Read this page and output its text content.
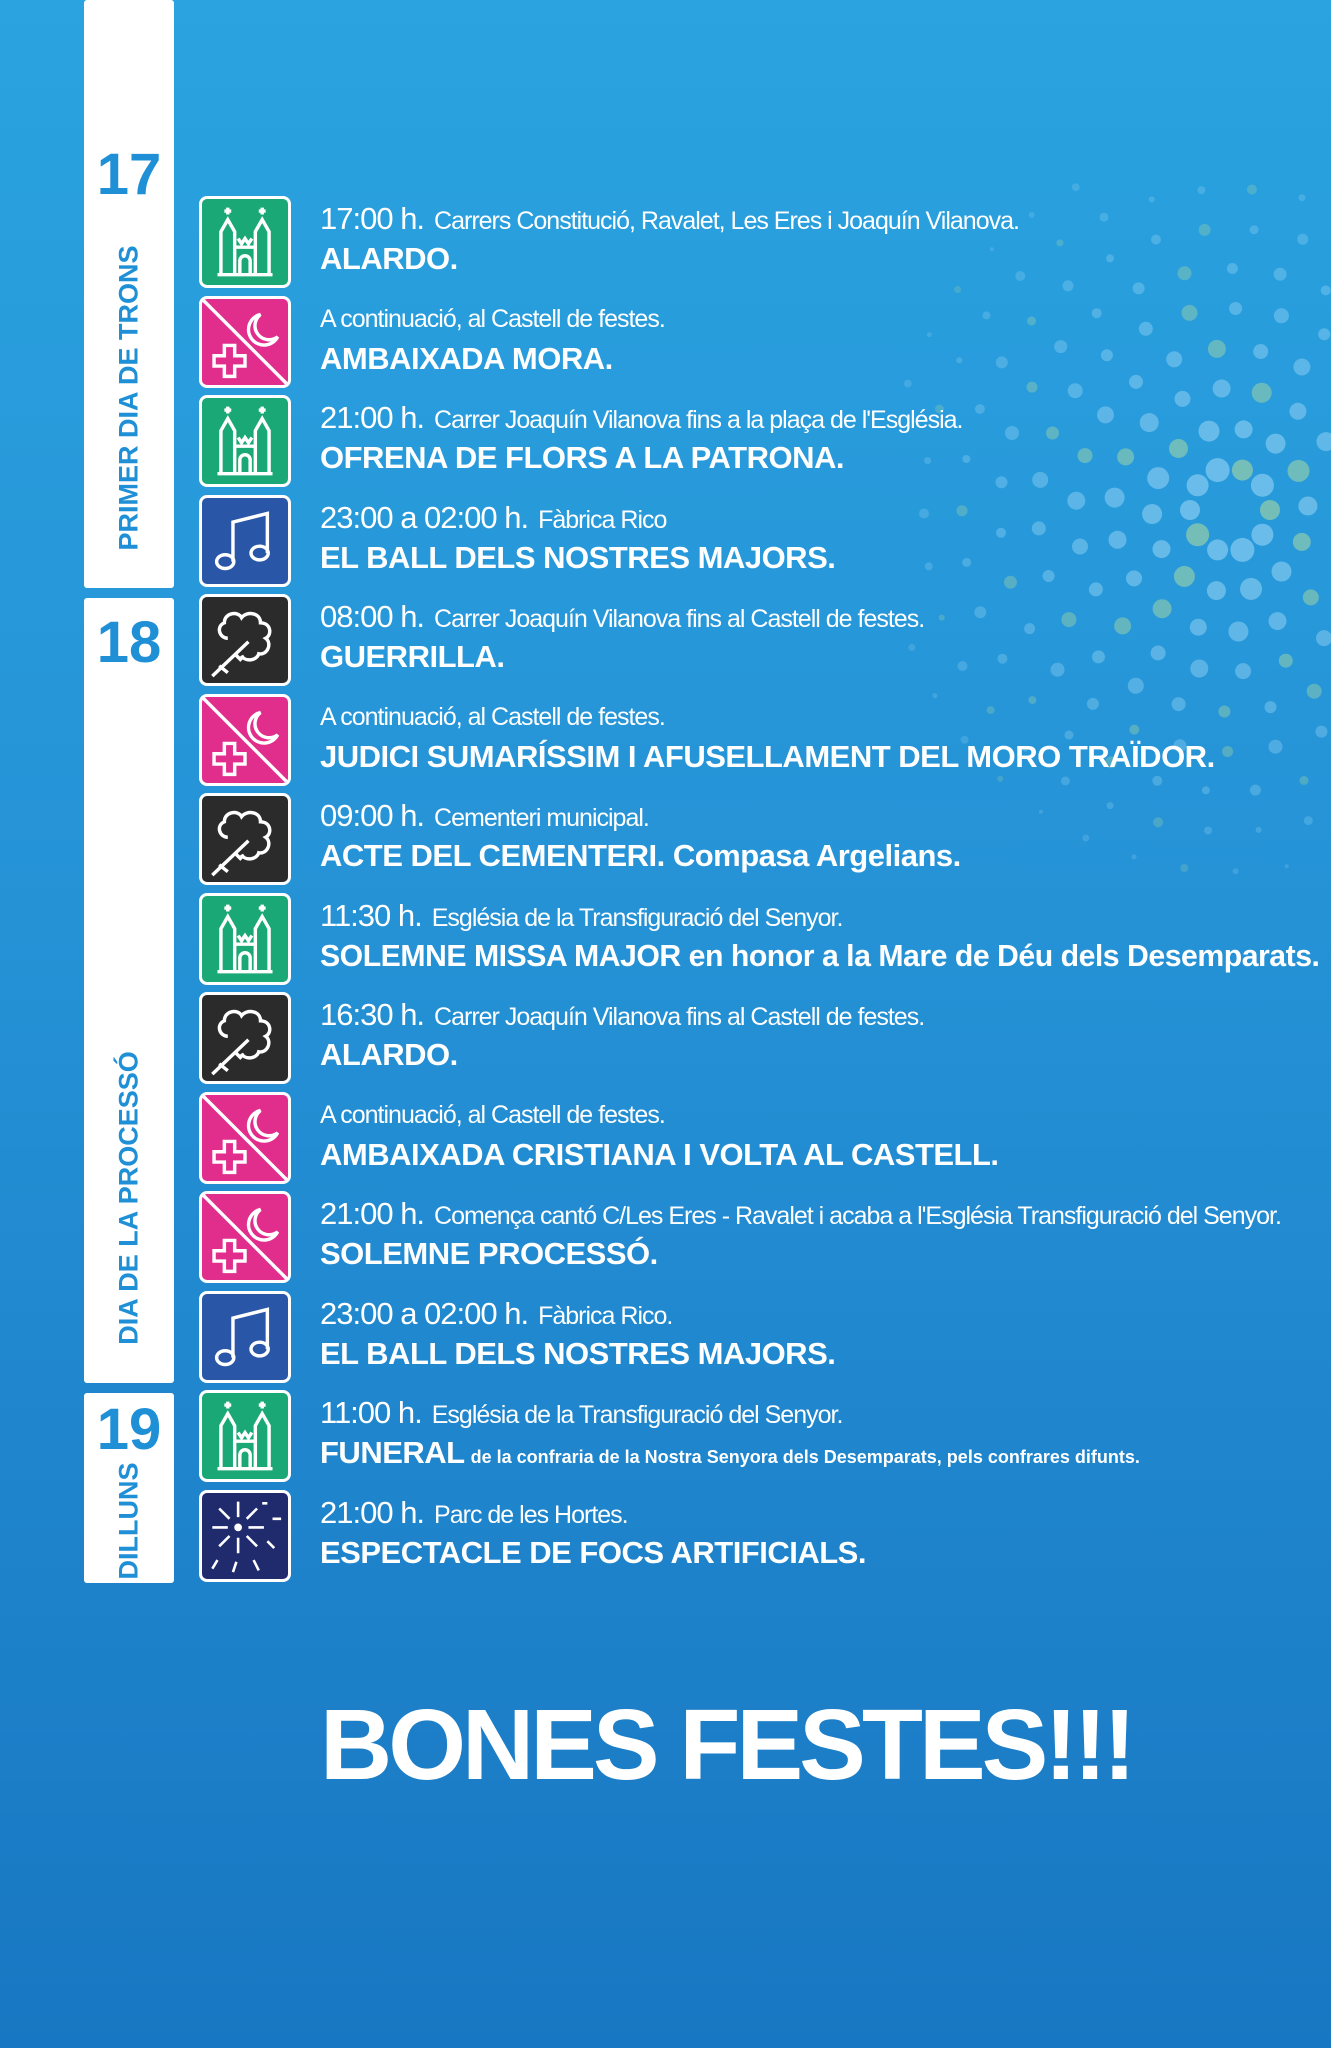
17
PRIMER DIA DE TRONS
18
DIA DE LA PROCESSÓ
19
DILLUNS
17:00 h. Carrers Constitució, Ravalet, Les Eres i Joaquín Vilanova.
ALARDO.
A continuació, al Castell de festes.
AMBAIXADA MORA.
21:00 h. Carrer Joaquín Vilanova fins a la plaça de l'Església.
OFRENA DE FLORS A LA PATRONA.
23:00 a 02:00 h. Fàbrica Rico
EL BALL DELS NOSTRES MAJORS.
08:00 h. Carrer Joaquín Vilanova fins al Castell de festes.
GUERRILLA.
A continuació, al Castell de festes.
JUDICI SUMARÍSSIM I AFUSELLAMENT DEL MORO TRAÏDOR.
09:00 h. Cementeri municipal.
ACTE DEL CEMENTERI. Compasa Argelians.
11:30 h. Església de la Transfiguració del Senyor.
SOLEMNE MISSA MAJOR en honor a la Mare de Déu dels Desemparats.
16:30 h. Carrer Joaquín Vilanova fins al Castell de festes.
ALARDO.
A continuació, al Castell de festes.
AMBAIXADA CRISTIANA I VOLTA AL CASTELL.
21:00 h. Comença cantó C/Les Eres - Ravalet i acaba a l'Església Transfiguració del Senyor.
SOLEMNE PROCESSÓ.
23:00 a 02:00 h. Fàbrica Rico.
EL BALL DELS NOSTRES MAJORS.
11:00 h. Església de la Transfiguració del Senyor.
FUNERAL de la confraria de la Nostra Senyora dels Desemparats, pels confrares difunts.
21:00 h. Parc de les Hortes.
ESPECTACLE DE FOCS ARTIFICIALS.
BONES FESTES!!!
